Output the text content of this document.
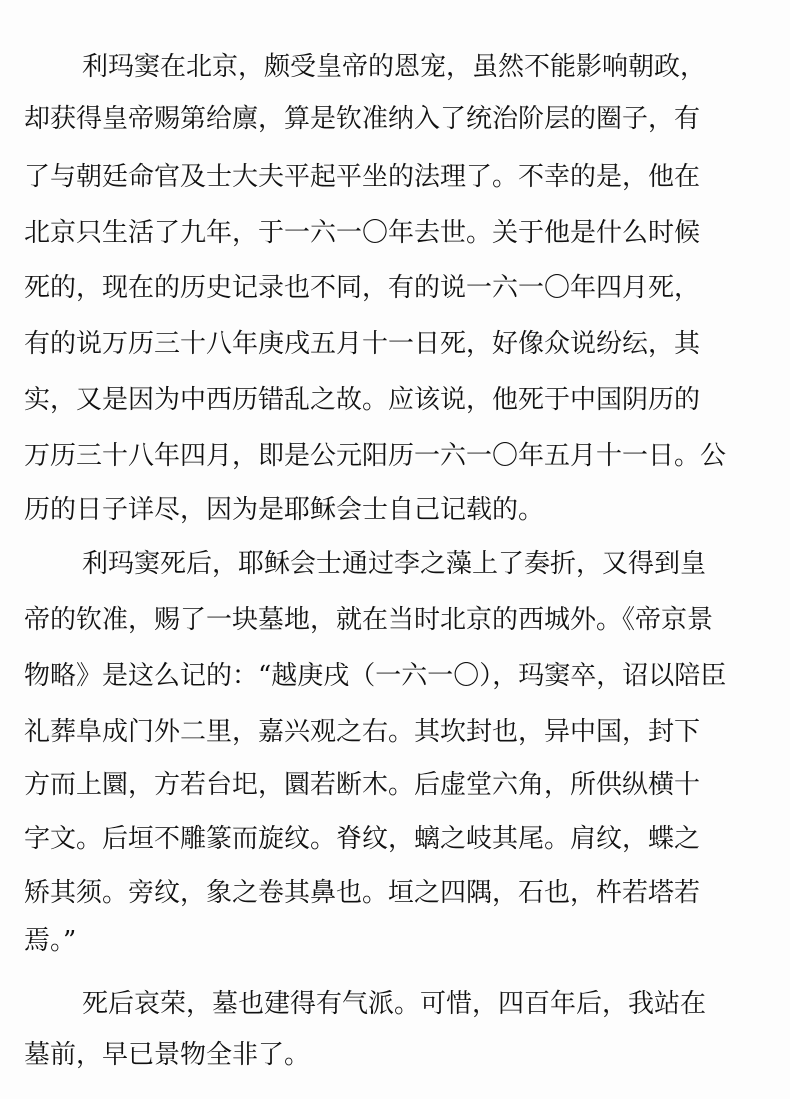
利玛窦在北京，颇受皇帝的恩宠，虽然不能影响朝政，
却获得皇帝赐第给廪，算是钦准纳入了统治阶层的圈子，有
了与朝廷命官及士大夫平起平坐的法理了。不幸的是，他在
北京只生活了九年，于一六一〇年去世。关于他是什么时候
死的，现在的历史记录也不同，有的说一六一〇年四月死，
有的说万历三十八年庚戌五月十一日死，好像众说纷纭，其
实，又是因为中西历错乱之故。应该说，他死于中国阴历的
万历三十八年四月，即是公元阳历一六一〇年五月十一日。公
历的日子详尽，因为是耶稣会士自己记载的。
利玛窦死后，耶稣会士通过李之藻上了奏折，又得到皇
帝的钦准，赐了一块墓地，就在当时北京的西城外。《帝京景
物略》是这么记的：“越庚戌（一六一〇），玛窦卒，诏以陪臣
礼葬阜成门外二里，嘉兴观之右。其坎封也，异中国，封下
方而上圜，方若台圯，圜若断木。后虚堂六角，所供纵横十
字文。后垣不雕篆而旋纹。脊纹，螭之岐其尾。肩纹，蝶之
矫其须。旁纹，象之卷其鼻也。垣之四隅，石也，杵若塔若
焉。”
死后哀荣，墓也建得有气派。可惜，四百年后，我站在
墓前，早已景物全非了。
